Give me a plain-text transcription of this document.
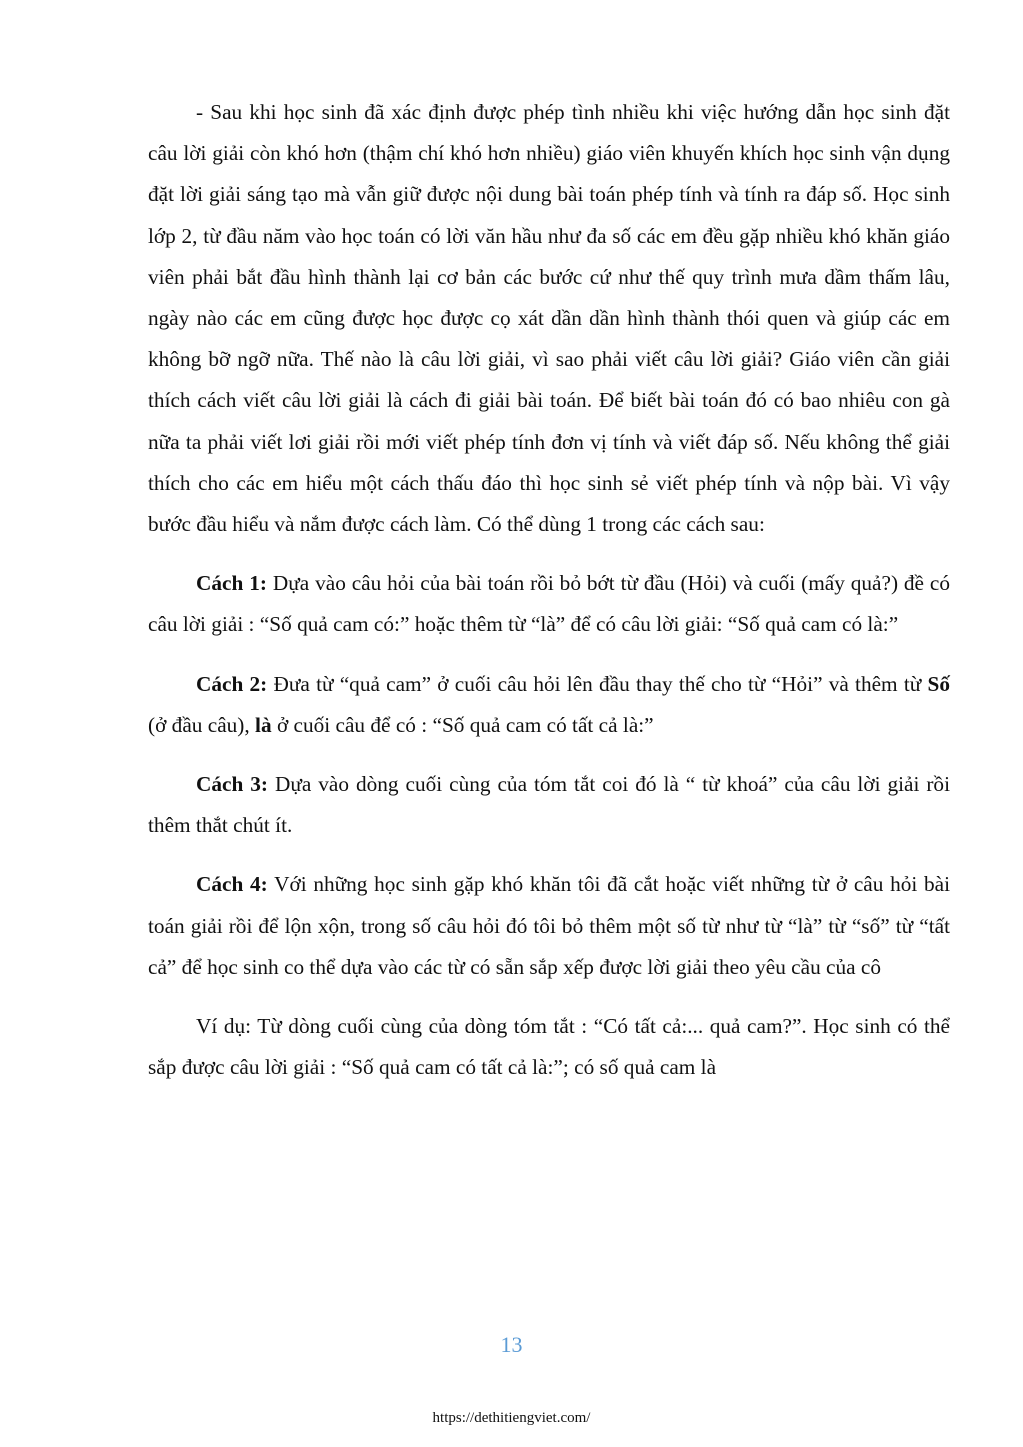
- Sau khi học sinh đã xác định được phép tình nhiều khi việc hướng dẫn học sinh đặt câu lời giải còn khó hơn (thậm chí khó hơn nhiều) giáo viên khuyến khích học sinh vận dụng đặt lời giải sáng tạo mà vẫn giữ được nội dung bài toán phép tính và tính ra đáp số. Học sinh lớp 2, từ đầu năm vào học toán có lời văn hầu như đa số các em đều gặp nhiều khó khăn giáo viên phải bắt đầu hình thành lại cơ bản các bước cứ như thế quy trình mưa dầm thấm lâu, ngày nào các em cũng được học được cọ xát dần dần hình thành thói quen và giúp các em không bỡ ngỡ nữa. Thế nào là câu lời giải, vì sao phải viết câu lời giải? Giáo viên cần giải thích cách viết câu lời giải là cách đi giải bài toán. Để biết bài toán đó có bao nhiêu con gà nữa ta phải viết lơi giải rồi mới viết phép tính đơn vị tính và viết đáp số. Nếu không thể giải thích cho các em hiểu một cách thấu đáo thì học sinh sẻ viết phép tính và nộp bài. Vì vậy bước đầu hiểu và nắm được cách làm. Có thể dùng 1 trong các cách sau:

Cách 1: Dựa vào câu hỏi của bài toán rồi bỏ bớt từ đầu (Hỏi) và cuối (mấy quả?) đề có câu lời giải : “Số quả cam có:” hoặc thêm từ “là” để có câu lời giải: “Số quả cam có là:”

Cách 2: Đưa từ “quả cam” ở cuối câu hỏi lên đầu thay thế cho từ “Hỏi” và thêm từ Số (ở đầu câu), là ở cuối câu để có : “Số quả cam có tất cả là:”

Cách 3: Dựa vào dòng cuối cùng của tóm tắt coi đó là “ từ khoá” của câu lời giải rồi thêm thắt chút ít.

Cách 4: Với những học sinh gặp khó khăn tôi đã cắt hoặc viết những từ ở câu hỏi bài toán giải rồi để lộn xộn, trong số câu hỏi đó tôi bỏ thêm một số từ như từ “là” từ “số” từ “tất cả” để học sinh co thể dựa vào các từ có sẵn sắp xếp được lời giải theo yêu cầu của cô

Ví dụ: Từ dòng cuối cùng của dòng tóm tắt : “Có tất cả:... quả cam?”. Học sinh có thể sắp được câu lời giải : “Số quả cam có tất cả là:”; có số quả cam là

13
https://dethitiengviet.com/
